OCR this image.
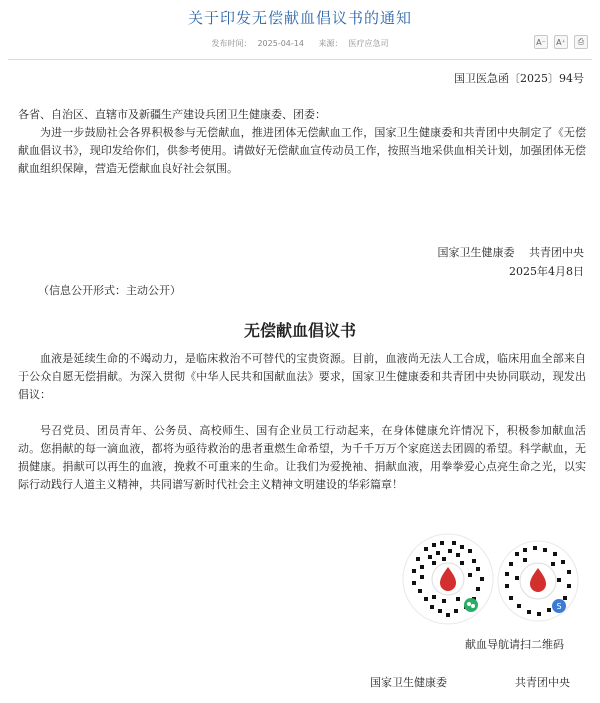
关于印发无偿献血倡议书的通知
发布时间： 2025-04-14 来源： 医疗应急司	A⁻ A⁺	⎙
国卫医急函〔2025〕94号

各省、自治区、直辖市及新疆生产建设兵团卫生健康委、团委：

为进一步鼓励社会各界积极参与无偿献血，推进团体无偿献血工作，国家卫生健康委和共青团中央制定了《无偿献血倡议书》，现印发给你们，供参考使用。请做好无偿献血宣传动员工作，按照当地采供血相关计划，加强团体无偿献血组织保障，营造无偿献血良好社会氛围。

国家卫生健康委　 共青团中央
2025年4月8日
（信息公开形式：主动公开）
无偿献血倡议书

血液是延续生命的不竭动力，是临床救治不可替代的宝贵资源。目前，血液尚无法人工合成，临床用血全部来自于公众自愿无偿捐献。为深入贯彻《中华人民共和国献血法》要求，国家卫生健康委和共青团中央协同联动，现发出倡议：

号召党员、团员青年、公务员、高校师生、国有企业员工行动起来，在身体健康允许情况下，积极参加献血活动。您捐献的每一滴血液，都将为亟待救治的患者重燃生命希望，为千千万万个家庭送去团圆的希望。科学献血，无损健康。捐献可以再生的血液，挽救不可重来的生命。让我们为爱挽袖、捐献血液，用拳拳爱心点亮生命之光，以实际行动践行人道主义精神，共同谱写新时代社会主义精神文明建设的华彩篇章！

S
献血导航请扫二维码
国家卫生健康委	共青团中央
